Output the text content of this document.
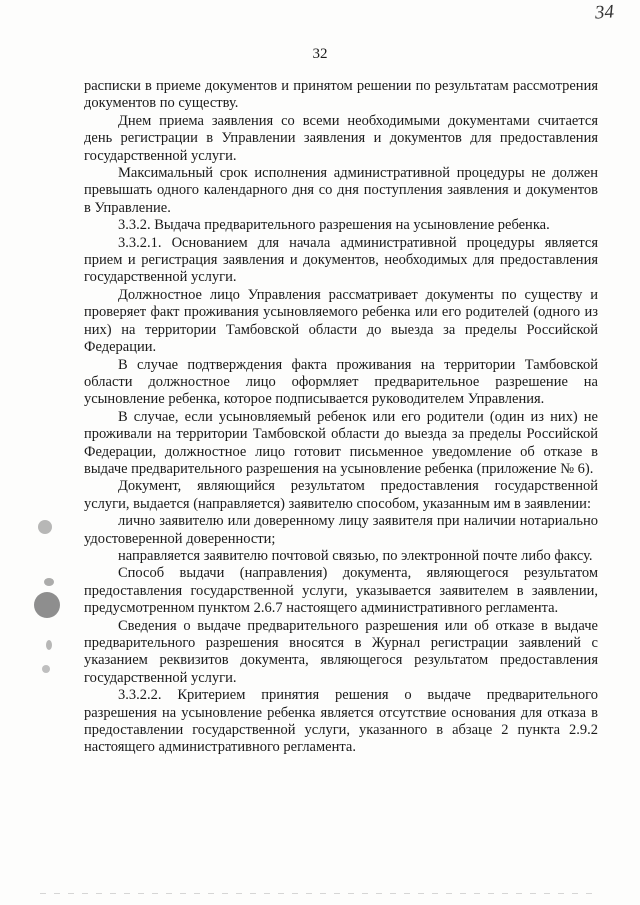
34
32

расписки в приеме документов и принятом решении по результатам рассмотрения документов по существу.

Днем приема заявления со всеми необходимыми документами считается день регистрации в Управлении заявления и документов для предоставления государственной услуги.

Максимальный срок исполнения административной процедуры не должен превышать одного календарного дня со дня поступления заявления и документов в Управление.

3.3.2. Выдача предварительного разрешения на усыновление ребенка.

3.3.2.1. Основанием для начала административной процедуры является прием и регистрация заявления и документов, необходимых для предоставления государственной услуги.

Должностное лицо Управления рассматривает документы по существу и проверяет факт проживания усыновляемого ребенка или его родителей (одного из них) на территории Тамбовской области до выезда за пределы Российской Федерации.

В случае подтверждения факта проживания на территории Тамбовской области должностное лицо оформляет предварительное разрешение на усыновление ребенка, которое подписывается руководителем Управления.

В случае, если усыновляемый ребенок или его родители (один из них) не проживали на территории Тамбовской области до выезда за пределы Российской Федерации, должностное лицо готовит письменное уведомление об отказе в выдаче предварительного разрешения на усыновление ребенка (приложение № 6).

Документ, являющийся результатом предоставления государственной услуги, выдается (направляется) заявителю способом, указанным им в заявлении:

лично заявителю или доверенному лицу заявителя при наличии нотариально удостоверенной доверенности;

направляется заявителю почтовой связью, по электронной почте либо факсу.

Способ выдачи (направления) документа, являющегося результатом предоставления государственной услуги, указывается заявителем в заявлении, предусмотренном пунктом 2.6.7 настоящего административного регламента.

Сведения о выдаче предварительного разрешения или об отказе в выдаче предварительного разрешения вносятся в Журнал регистрации заявлений с указанием реквизитов документа, являющегося результатом предоставления государственной услуги.

3.3.2.2. Критерием принятия решения о выдаче предварительного разрешения на усыновление ребенка является отсутствие основания для отказа в предоставлении государственной услуги, указанного в абзаце 2 пункта 2.9.2 настоящего административного регламента.
